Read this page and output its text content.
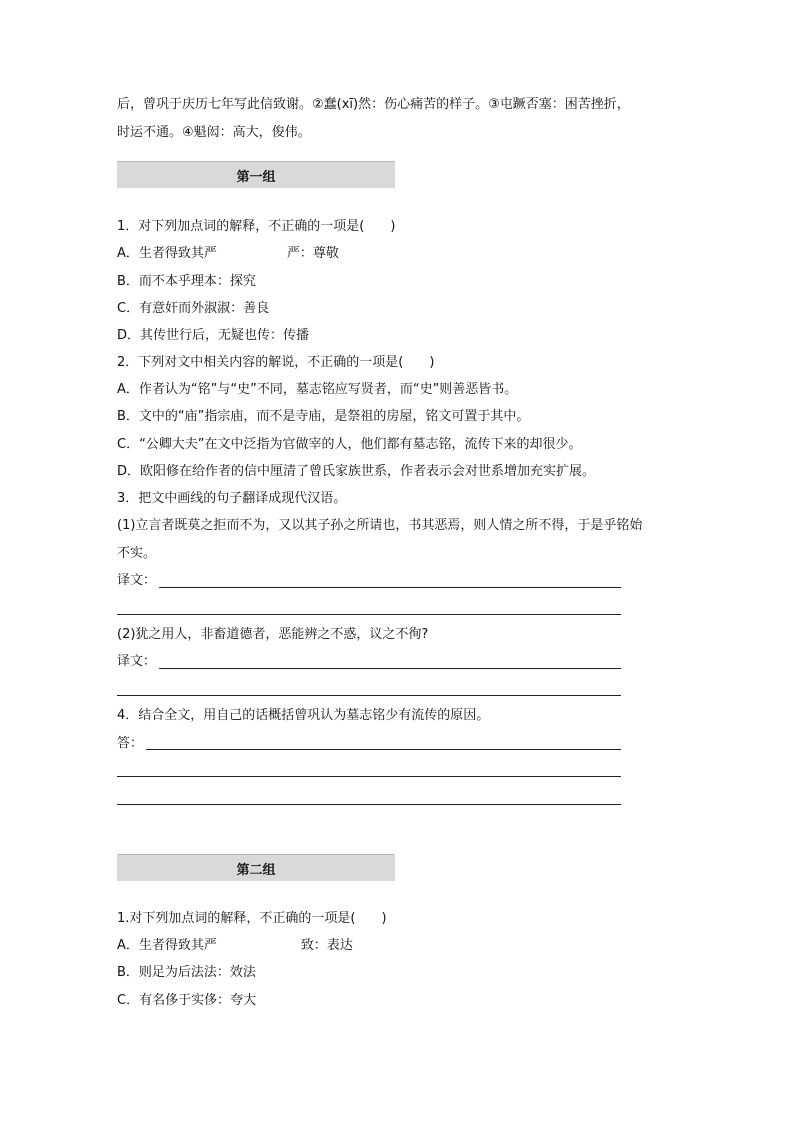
后，曾巩于庆历七年写此信致谢。②蠢(xī)然：伤心痛苦的样子。③屯蹶否塞：困苦挫折，
时运不通。④魁闳：高大，俊伟。
第一组
1．对下列加点词的解释，不正确的一项是(　　)
A．生者得致其严	严：尊敬
B．而不本乎理本：探究
C．有意奸而外淑淑：善良
D．其传世行后，无疑也传：传播
2．下列对文中相关内容的解说，不正确的一项是(　　)
A．作者认为“铭”与“史”不同，墓志铭应写贤者，而“史”则善恶皆书。
B．文中的“庙”指宗庙，而不是寺庙，是祭祖的房屋，铭文可置于其中。
C．“公卿大夫”在文中泛指为官做宰的人，他们都有墓志铭，流传下来的却很少。
D．欧阳修在给作者的信中厘清了曾氏家族世系，作者表示会对世系增加充实扩展。
3．把文中画线的句子翻译成现代汉语。
(1)立言者既莫之拒而不为，又以其子孙之所请也，书其恶焉，则人情之所不得，于是乎铭始
不实。
译文：
(2)犹之用人，非畜道德者，恶能辨之不惑，议之不徇?
译文：
4．结合全文，用自己的话概括曾巩认为墓志铭少有流传的原因。
答：
第二组
1.对下列加点词的解释，不正确的一项是(　　)
A．生者得致其严	致：表达
B．则足为后法法：效法
C．有名侈于实侈：夸大
